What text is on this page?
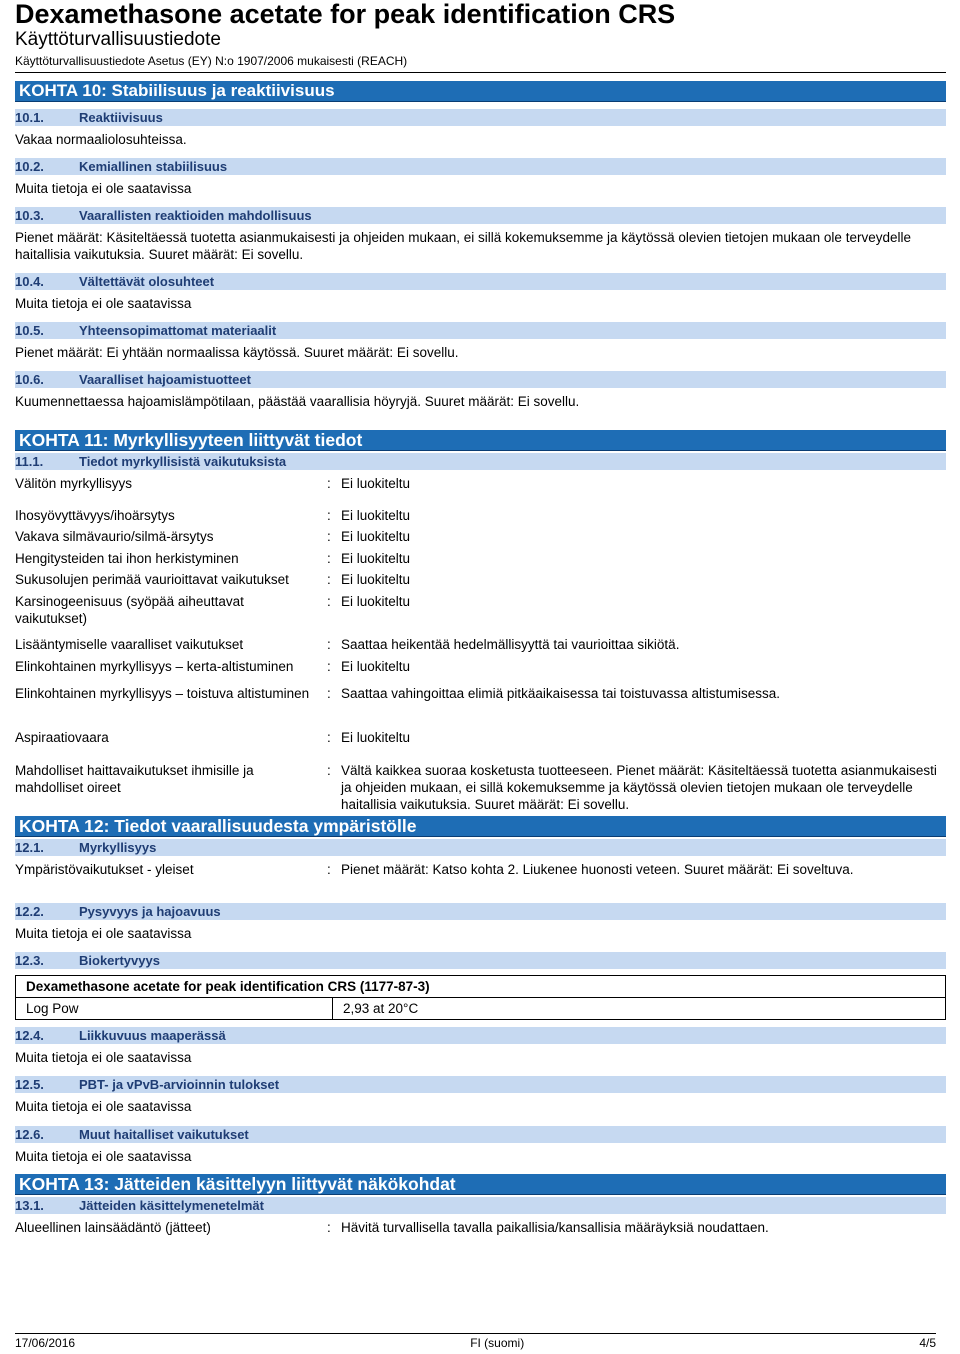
Dexamethasone acetate for peak identification CRS
Käyttöturvallisuustiedote
Käyttöturvallisuustiedote Asetus (EY) N:o 1907/2006 mukaisesti (REACH)
KOHTA 10: Stabiilisuus ja reaktiivisuus
10.1.	Reaktiivisuus
Vakaa normaaliolosuhteissa.
10.2.	Kemiallinen stabiilisuus
Muita tietoja ei ole saatavissa
10.3.	Vaarallisten reaktioiden mahdollisuus
Pienet määrät: Käsiteltäessä tuotetta asianmukaisesti ja ohjeiden mukaan, ei sillä kokemuksemme ja käytössä olevien tietojen mukaan ole terveydelle haitallisia vaikutuksia. Suuret määrät: Ei sovellu.
10.4.	Vältettävät olosuhteet
Muita tietoja ei ole saatavissa
10.5.	Yhteensopimattomat materiaalit
Pienet määrät: Ei yhtään normaalissa käytössä. Suuret määrät: Ei sovellu.
10.6.	Vaaralliset hajoamistuotteet
Kuumennettaessa hajoamislämpötilaan, päästää vaarallisia höyryjä. Suuret määrät: Ei sovellu.
KOHTA 11: Myrkyllisyyteen liittyvät tiedot
11.1.	Tiedot myrkyllisistä vaikutuksista
Välitön myrkyllisyys	: Ei luokiteltu
Ihosyövyttävyys/ihoärsytys	: Ei luokiteltu
Vakava silmävaurio/silmä-ärsytys	: Ei luokiteltu
Hengitysteiden tai ihon herkistyminen	: Ei luokiteltu
Sukusolujen perimää vaurioittavat vaikutukset	: Ei luokiteltu
Karsinogeenisuus (syöpää aiheuttavat vaikutukset)
: Ei luokiteltu
Lisääntymiselle vaaralliset vaikutukset	: Saattaa heikentää hedelmällisyyttä tai vaurioittaa sikiötä.
Elinkohtainen myrkyllisyys – kerta-altistuminen	: Ei luokiteltu
Elinkohtainen myrkyllisyys – toistuva altistuminen	: Saattaa vahingoittaa elimiä pitkäaikaisessa tai toistuvassa altistumisessa.
Aspiraatiovaara	: Ei luokiteltu
Mahdolliset haittavaikutukset ihmisille ja mahdolliset oireet
: Vältä kaikkea suoraa kosketusta tuotteeseen. Pienet määrät: Käsiteltäessä tuotetta asianmukaisesti ja ohjeiden mukaan, ei sillä kokemuksemme ja käytössä olevien tietojen mukaan ole terveydelle haitallisia vaikutuksia. Suuret määrät: Ei sovellu.
KOHTA 12: Tiedot vaarallisuudesta ympäristölle
12.1.	Myrkyllisyys
Ympäristövaikutukset - yleiset	: Pienet määrät: Katso kohta 2. Liukenee huonosti veteen. Suuret määrät: Ei soveltuva.
12.2.	Pysyvyys ja hajoavuus
Muita tietoja ei ole saatavissa
12.3.	Biokertyvyys
Dexamethasone acetate for peak identification CRS (1177-87-3)
Log Pow	2,93 at 20°C
12.4.	Liikkuvuus maaperässä
Muita tietoja ei ole saatavissa
12.5.	PBT- ja vPvB-arvioinnin tulokset
Muita tietoja ei ole saatavissa
12.6.	Muut haitalliset vaikutukset
Muita tietoja ei ole saatavissa
KOHTA 13: Jätteiden käsittelyyn liittyvät näkökohdat
13.1.	Jätteiden käsittelymenetelmät
Alueellinen lainsäädäntö (jätteet)	: Hävitä turvallisella tavalla paikallisia/kansallisia määräyksiä noudattaen.
17/06/2016	FI (suomi)	4/5
